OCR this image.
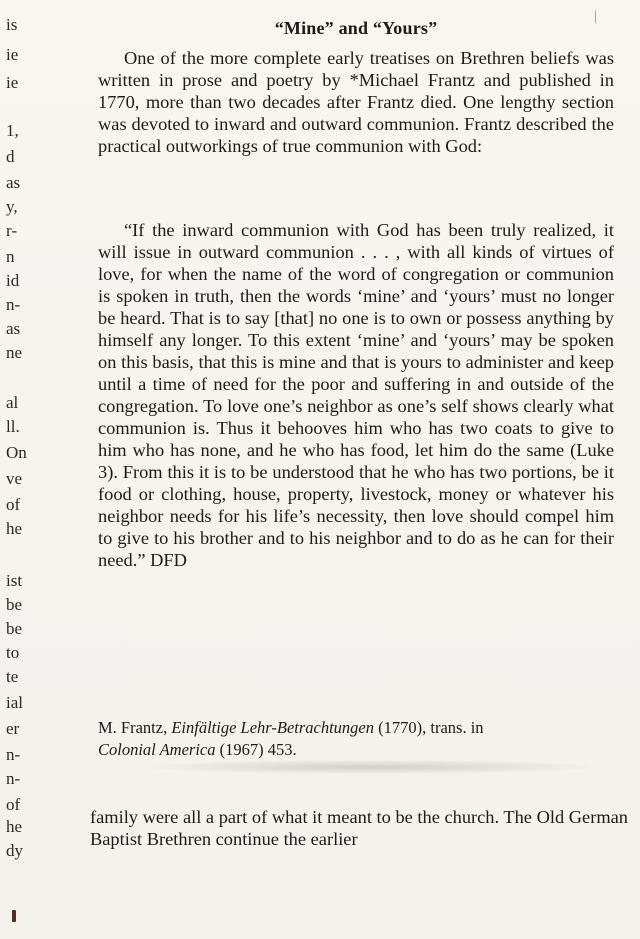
is
ie
ie
1,
d
as
y,
r-
n
id
n-
as
ne
al
ll.
On
ve
of
he
ist
be
be
to
te
ial
er
n-
n-
of
he
dy
“Mine” and “Yours”

One of the more complete early treatises on Brethren beliefs was written in prose and poetry by *Michael Frantz and published in 1770, more than two decades after Frantz died. One lengthy section was devoted to inward and outward communion. Frantz described the practical outworkings of true communion with God:

“If the inward communion with God has been truly realized, it will issue in outward communion . . . , with all kinds of virtues of love, for when the name of the word of congregation or communion is spoken in truth, then the words ‘mine’ and ‘yours’ must no longer be heard. That is to say [that] no one is to own or possess anything by himself any longer. To this extent ‘mine’ and ‘yours’ may be spoken on this basis, that this is mine and that is yours to administer and keep until a time of need for the poor and suffering in and outside of the congregation. To love one’s neighbor as one’s self shows clearly what communion is. Thus it behooves him who has two coats to give to him who has none, and he who has food, let him do the same (Luke 3). From this it is to be understood that he who has two portions, be it food or clothing, house, property, livestock, money or whatever his neighbor needs for his life’s necessity, then love should compel him to give to his brother and to his neighbor and to do as he can for their need.” DFD

M. Frantz, Einfältige Lehr-Betrachtungen (1770), trans. in
Colonial America (1967) 453.

family were all a part of what it meant to be the church. The Old German Baptist Brethren continue the earlier
